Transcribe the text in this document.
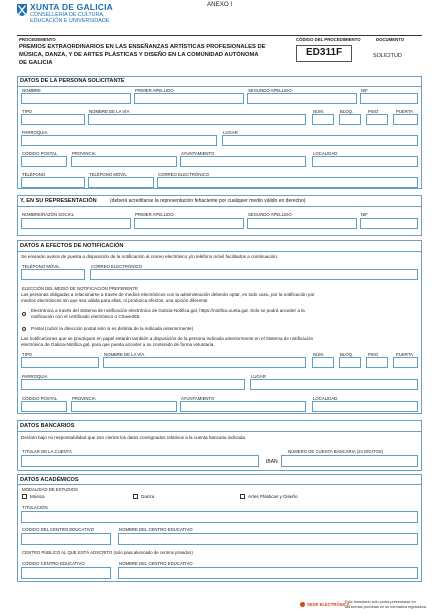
XUNTA DE GALICIA
CONSELLERÍA DE CULTURA,
EDUCACIÓN E UNIVERSIDADE
ANEXO I
PROCEDEMENTO
PREMIOS EXTRAORDINARIOS EN LAS ENSEÑANZAS ARTÍSTICAS PROFESIONALES DE
MÚSICA, DANZA, Y DE ARTES PLÁSTICAS Y DISEÑO EN LA COMUNIDAD AUTÓNOMA
DE GALICIA
CÓDIGO DEL PROCEDIMIENTO
ED311F
DOCUMENTO
SOLICITUD
DATOS DE LA PERSONA SOLICITANTE
NOMBRE	PRIMER APELLIDO	SEGUNDO APELLIDO	NIF
TIPO	NOMBRE DE LA VÍA	NÚM.	BLOQ.	PISO	PUERTA
PARROQUIA	LUGAR
CÓDIGO POSTAL	PROVINCIA	AYUNTAMIENTO	LOCALIDAD
TELÉFONO	TELÉFONO MÓVIL	CORREO ELECTRÓNICO
Y, EN SU REPRESENTACIÓN	(deberá acreditarse la representación fehaciente por cualquier medio válido en derecho)
NOMBRE/RAZÓN SOCIAL	PRIMER APELLIDO	SEGUNDO APELLIDO	NIF
DATOS A EFECTOS DE NOTIFICACIÓN
Se enviarán avisos de puesta a disposición de la notificación al correo electrónico y/o teléfono móvil facilitados a continuación:
TELÉFONO MÓVIL	CORREO ELECTRÓNICO
ELECCIÓN DEL MEDIO DE NOTIFICACIÓN PREFERENTE
Las personas obligadas a relacionarse a través de medios electrónicos con la administración deberán optar, en todo caso, por la notificación por
medios electrónicos sin que sea válida para ellas, ni produzca efectos, una opción diferente.
Electrónica a través del Sistema de notificación electrónica de Galicia-Notifica.gal, https://notifica.xunta.gal. Solo se podrá acceder a la
notificación con el certificado electrónico o Chave365.
Postal (cubrir la dirección postal solo si es distinta de la indicada anteriormente)
Las notificaciones que se practiquen en papel estarán también a disposición de la persona indicada anteriormente en el Sistema de notificación
electrónica de Galicia-Notifica.gal, para que pueda acceder a su contenido de forma voluntaria.
TIPO	NOMBRE DE LA VÍA	NÚM.	BLOQ.	PISO	PUERTA
PARROQUIA	LUGAR
CÓDIGO POSTAL	PROVINCIA	AYUNTAMIENTO	LOCALIDAD
DATOS BANCARIOS
Declaro bajo mi responsabilidad que son ciertos los datos consignados relativos a la cuenta bancaria indicada.
TITULAR DE LA CUENTA	NÚMERO DE CUENTA BANCARIA (24 DÍGITOS)
IBAN
DATOS ACADÉMICOS
MODALIDAD DE ESTUDIOS
Música	Danza	Artes Plásticas y Diseño
TITULACIÓN
CÓDIGO DEL CENTRO EDUCATIVO	NOMBRE DEL CENTRO EDUCATIVO
CENTRO PÚBLICO AL QUE ESTÁ ADSCRITO (solo para alumnado de centros privados)
CÓDIGO CENTRO EDUCATIVO	NOMBRE DEL CENTRO EDUCATIVO
SEDE ELECTRÓNICA
Este formulario solo podrá presentarse en
las formas previstas en su normativa reguladora
